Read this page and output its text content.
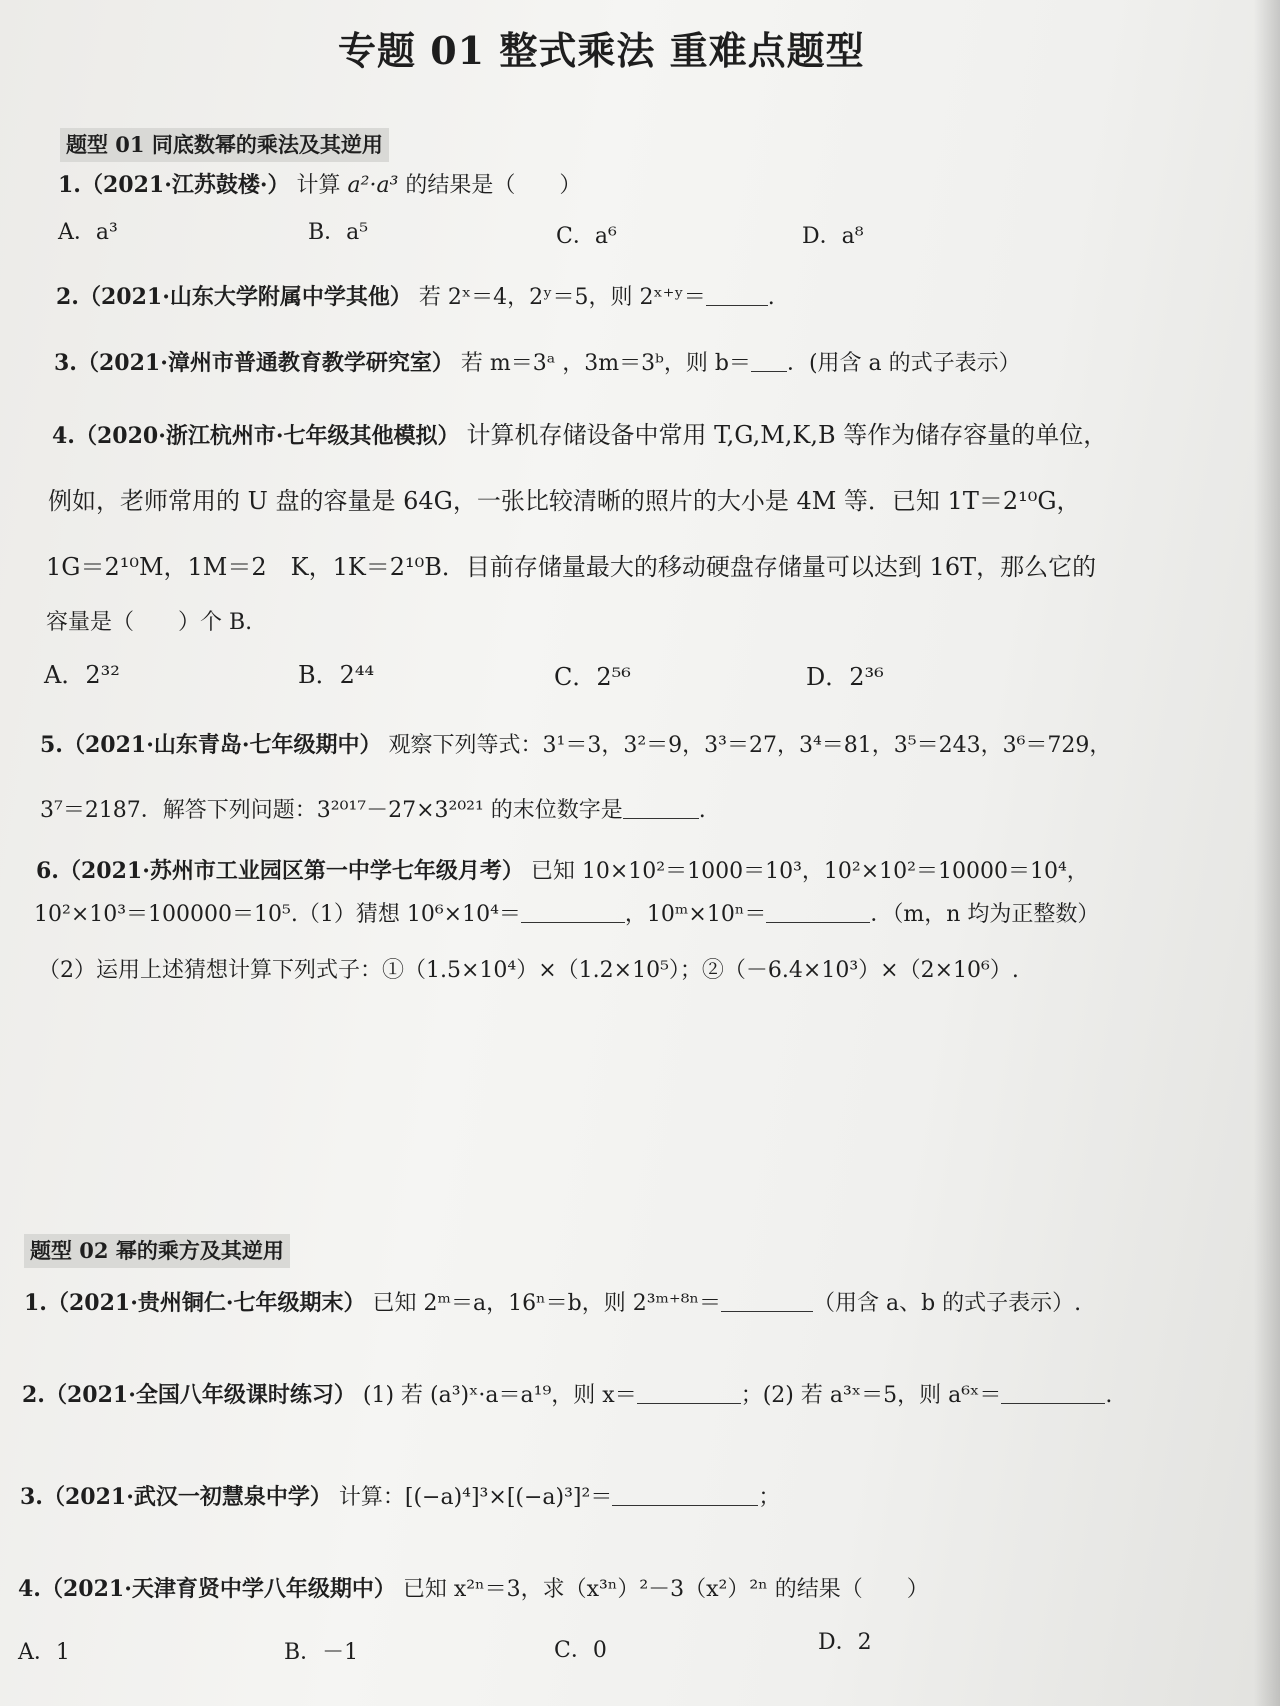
专题 01 整式乘法 重难点题型
题型 01 同底数幂的乘法及其逆用
1.（2021·江苏鼓楼·） 计算 a²·a³ 的结果是（　　）
A．a³	B．a⁵	C．a⁶	D．a⁸
2.（2021·山东大学附属中学其他） 若 2ˣ＝4，2ʸ＝5，则 2ˣ⁺ʸ＝	.
3.（2021·漳州市普通教育教学研究室） 若 m＝3ᵃ ，3m＝3ᵇ，则 b＝ ．(用含 a 的式子表示）
4.（2020·浙江杭州市·七年级其他模拟） 计算机存储设备中常用 T,G,M,K,B 等作为储存容量的单位，
例如，老师常用的 U 盘的容量是 64G，一张比较清晰的照片的大小是 4M 等．已知 1T＝2¹⁰G，
1G＝2¹⁰M，1M＝2　K，1K＝2¹⁰B．目前存储量最大的移动硬盘存储量可以达到 16T，那么它的
容量是（　　）个 B.
A．2³²	B．2⁴⁴	C．2⁵⁶	D．2³⁶
3⁷＝2187．解答下列问题：3²⁰¹⁷－27×3²⁰²¹ 的末位数字是	.
5.（2021·山东青岛·七年级期中） 观察下列等式：3¹＝3，3²＝9，3³＝27，3⁴＝81，3⁵＝243，3⁶＝729，
6.（2021·苏州市工业园区第一中学七年级月考） 已知 10×10²＝1000＝10³，10²×10²＝10000＝10⁴，
10²×10³＝100000＝10⁵.（1）猜想 10⁶×10⁴＝	，10ᵐ×10ⁿ＝	．（m，n 均为正整数）
（2）运用上述猜想计算下列式子：①（1.5×10⁴）×（1.2×10⁵）；②（－6.4×10³）×（2×10⁶）.
题型 02 幂的乘方及其逆用
1.（2021·贵州铜仁·七年级期末） 已知 2ᵐ＝a，16ⁿ＝b，则 2³ᵐ⁺⁸ⁿ＝	（用含 a、b 的式子表示）.
2.（2021·全国八年级课时练习） (1) 若 (a³)ˣ·a＝a¹⁹，则 x＝	；(2) 若 a³ˣ＝5，则 a⁶ˣ＝	.
3.（2021·武汉一初慧泉中学） 计算：[(−a)⁴]³×[(−a)³]²＝	；
4.（2021·天津育贤中学八年级期中） 已知 x²ⁿ＝3，求（x³ⁿ）²－3（x²）²ⁿ 的结果（　　）
A．1	B．－1	C．0	D．2
